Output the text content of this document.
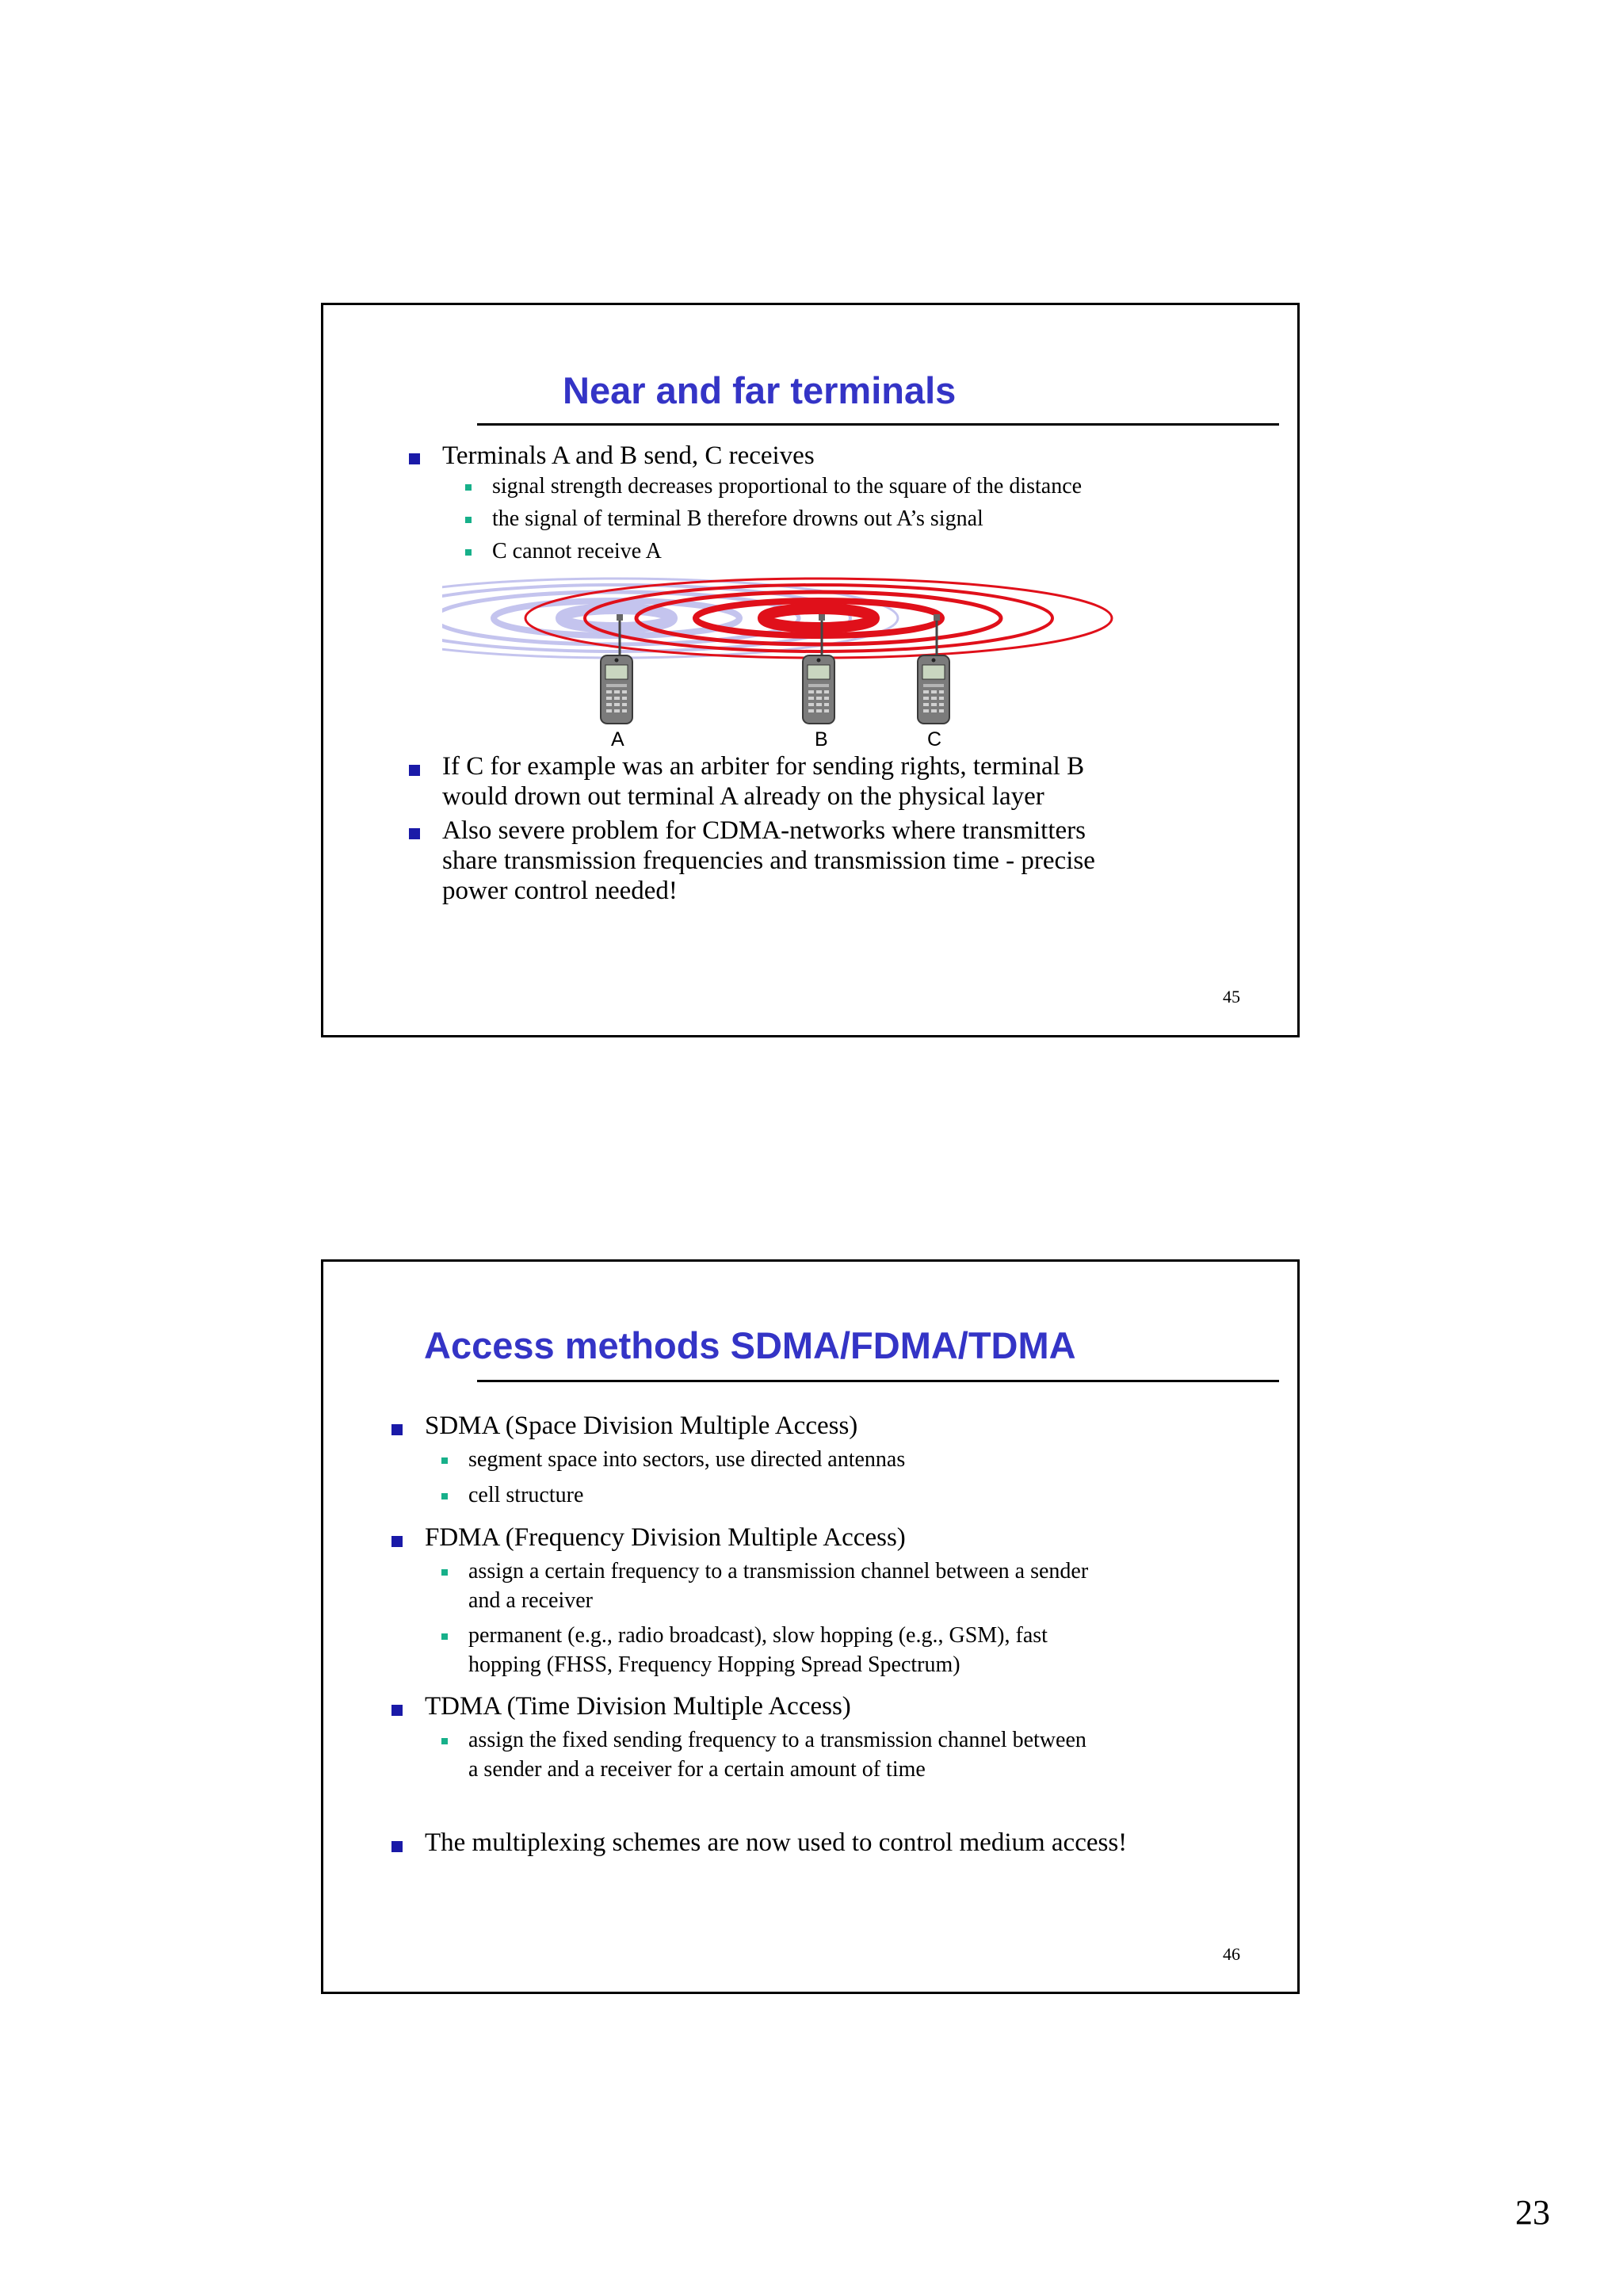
Near and far terminals
Terminals A and B send, C receives
signal strength decreases proportional to the square of the distance
the signal of terminal B therefore drowns out A’s signal
C cannot receive A
A	B	C
If C for example was an arbiter for sending rights, terminal B
would drown out terminal A already on the physical layer
Also severe problem for CDMA-networks where transmitters
share transmission frequencies and transmission time - precise
power control needed!
45
Access methods SDMA/FDMA/TDMA
SDMA (Space Division Multiple Access)
segment space into sectors, use directed antennas
cell structure
FDMA (Frequency Division Multiple Access)
assign a certain frequency to a transmission channel between a sender
and a receiver
permanent (e.g., radio broadcast), slow hopping (e.g., GSM), fast
hopping (FHSS, Frequency Hopping Spread Spectrum)
TDMA (Time Division Multiple Access)
assign the fixed sending frequency to a transmission channel between
a sender and a receiver for a certain amount of time
The multiplexing schemes are now used to control medium access!
46
23
